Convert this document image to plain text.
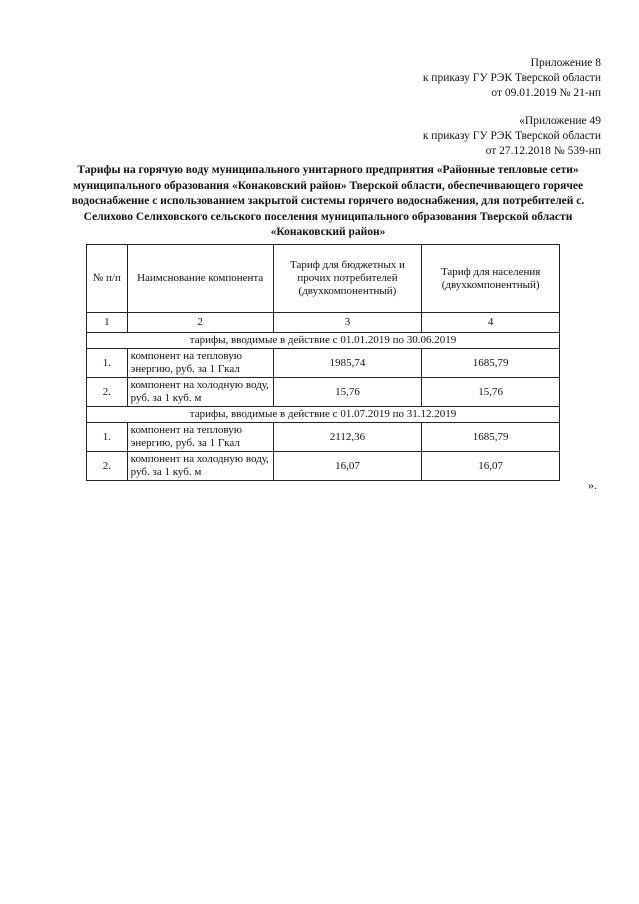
Приложение 8
к приказу ГУ РЭК Тверской области
от 09.01.2019 № 21-нп
«Приложение 49
к приказу ГУ РЭК Тверской области
от 27.12.2018 № 539-нп
Тарифы на горячую воду муниципального унитарного предприятия «Районные тепловые сети»
муниципального образования «Конаковский район» Тверской области, обеспечивающего горячее
водоснабжение с использованием закрытой системы горячего водоснабжения, для потребителей с.
Селихово Селиховского сельского поселения муниципального образования Тверской области
«Конаковский район»
№ п/п	Наимснование компонента	Тариф для бюджетных и прочих потребителей (двухкомпонентный)	Тариф для населения (двухкомпонентный)
1	2	3	4
тарифы, вводимые в действие с 01.01.2019 по 30.06.2019			
1.	компонент на тепловую энергию, руб. за 1 Гкал	1985,74	1685,79
2.	компонент на холодную воду, руб. за 1 куб. м	15,76	15,76
тарифы, вводимые в действие с 01.07.2019 по 31.12.2019			
1.	компонент на тепловую энергию, руб. за 1 Гкал	2112,36	1685,79
2.	компонент на холодную воду, руб. за 1 куб. м	16,07	16,07
».
